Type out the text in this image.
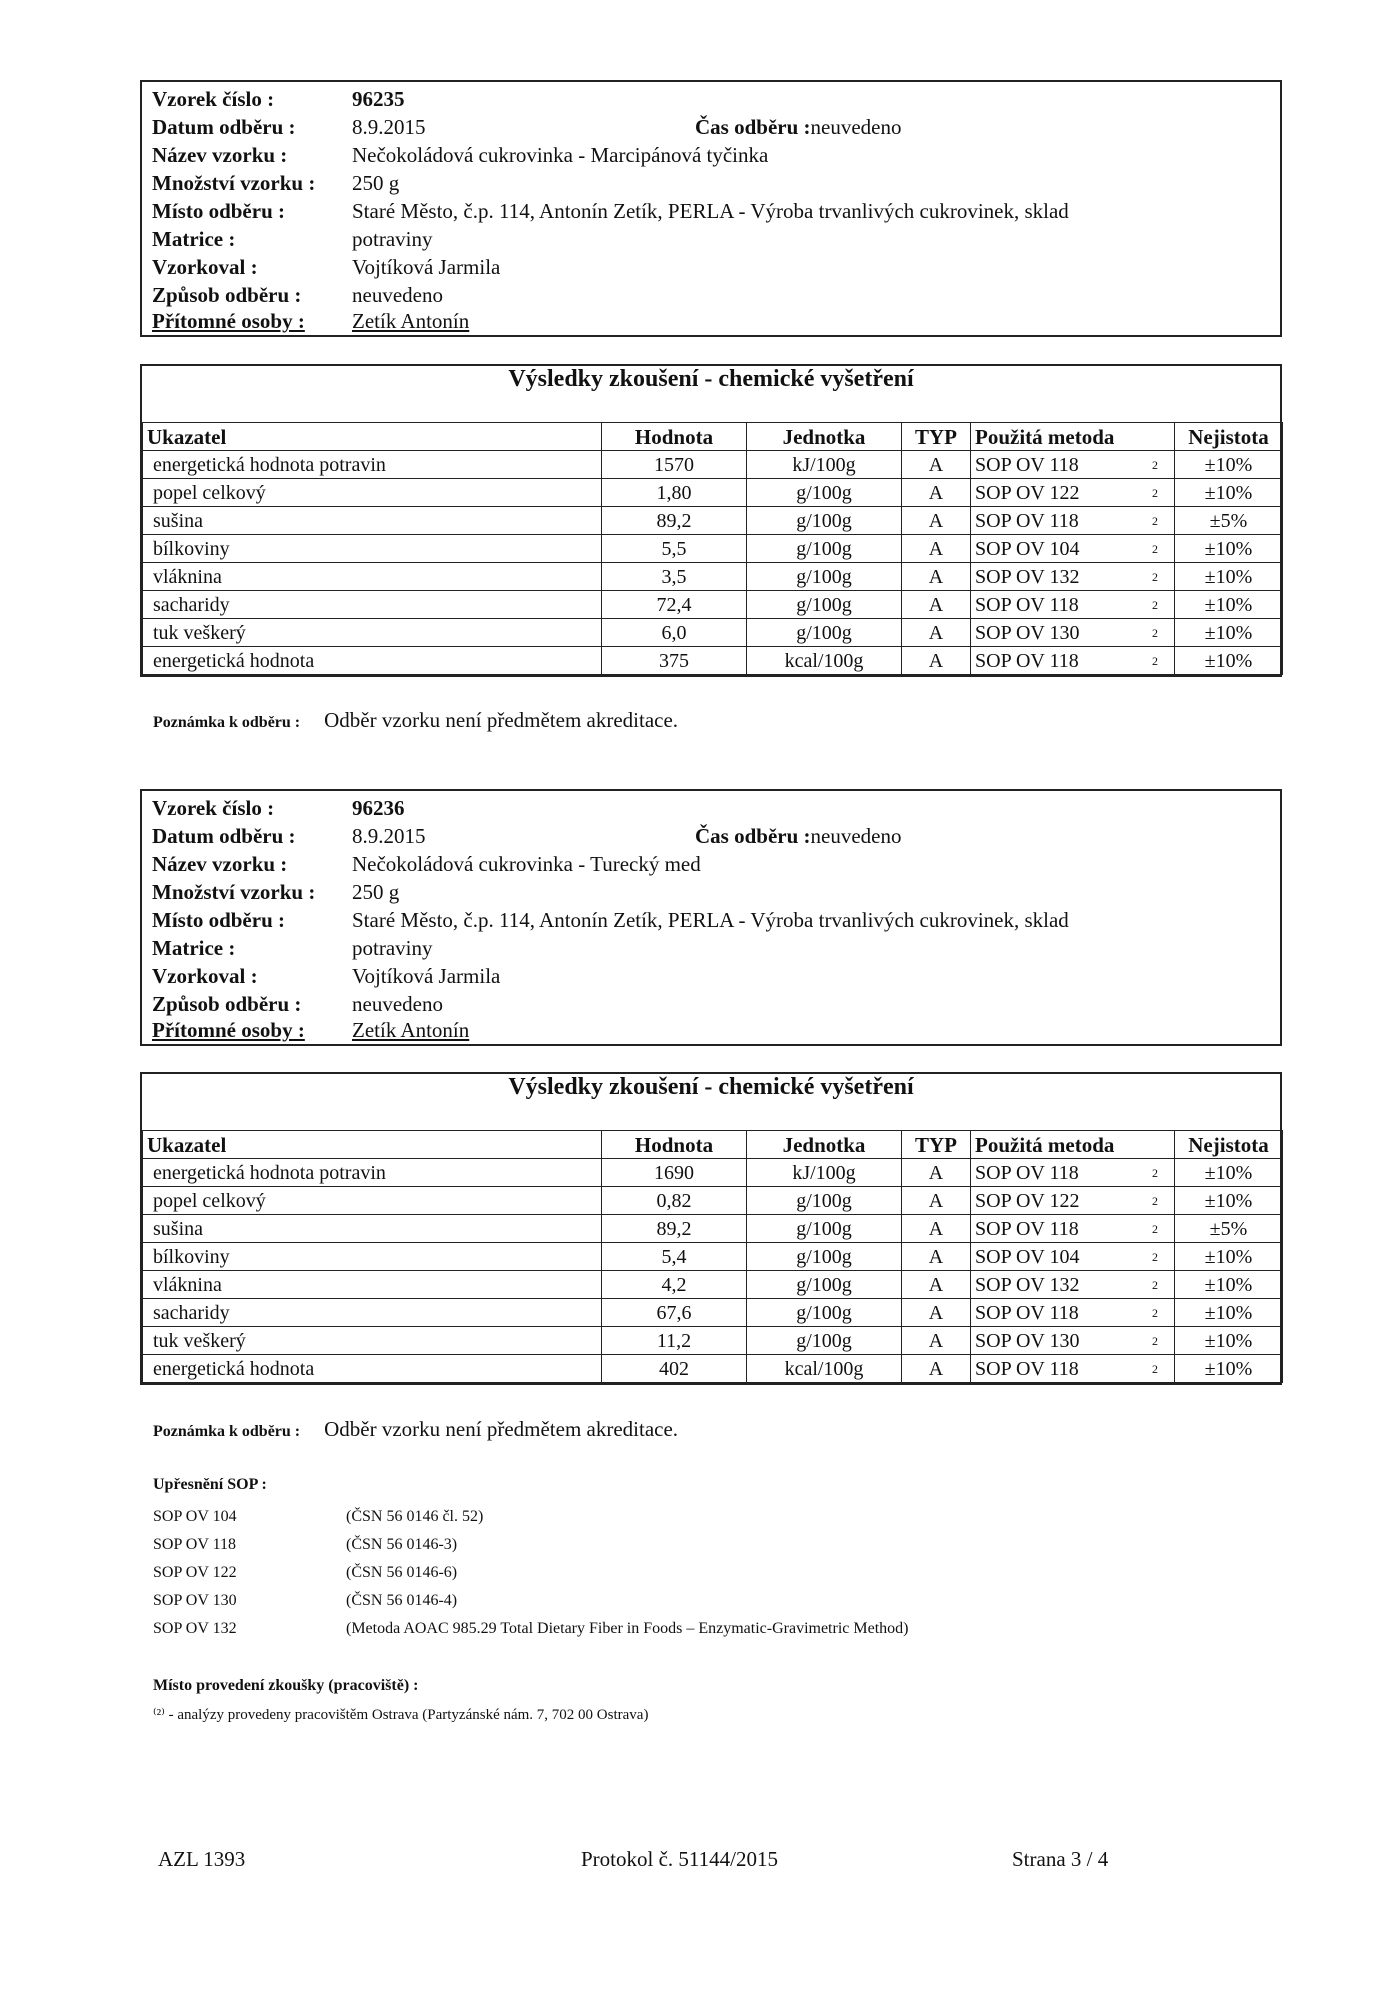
Vzorek číslo :	96235
Datum odběru :	8.9.2015	Čas odběru :neuvedeno
Název vzorku :	Nečokoládová cukrovinka - Marcipánová tyčinka
Množství vzorku : 250 g
Místo odběru :	Staré Město, č.p. 114, Antonín Zetík, PERLA - Výroba trvanlivých cukrovinek, sklad
Matrice :	potraviny
Vzorkoval :	Vojtíková Jarmila
Způsob odběru : neuvedeno
Přítomné osoby : Zetík Antonín
Výsledky zkoušení - chemické vyšetření
Ukazatel	Hodnota	Jednotka	TYP	Použitá metoda	Nejistota
energetická hodnota potravin	1570	kJ/100g	A	SOP OV 118 2	±10%
popel celkový	1,80	g/100g	A	SOP OV 122 2	±10%
sušina	89,2	g/100g	A	SOP OV 118 2	±5%
bílkoviny	5,5	g/100g	A	SOP OV 104 2	±10%
vláknina	3,5	g/100g	A	SOP OV 132 2	±10%
sacharidy	72,4	g/100g	A	SOP OV 118 2	±10%
tuk veškerý	6,0	g/100g	A	SOP OV 130 2	±10%
energetická hodnota	375	kcal/100g	A	SOP OV 118 2	±10%
Poznámka k odběru : Odběr vzorku není předmětem akreditace.
Vzorek číslo :	96236
Datum odběru :	8.9.2015	Čas odběru :neuvedeno
Název vzorku :	Nečokoládová cukrovinka - Turecký med
Množství vzorku : 250 g
Místo odběru :	Staré Město, č.p. 114, Antonín Zetík, PERLA - Výroba trvanlivých cukrovinek, sklad
Matrice :	potraviny
Vzorkoval :	Vojtíková Jarmila
Způsob odběru : neuvedeno
Přítomné osoby : Zetík Antonín
Výsledky zkoušení - chemické vyšetření
Ukazatel	Hodnota	Jednotka	TYP	Použitá metoda	Nejistota
energetická hodnota potravin	1690	kJ/100g	A	SOP OV 118 2	±10%
popel celkový	0,82	g/100g	A	SOP OV 122 2	±10%
sušina	89,2	g/100g	A	SOP OV 118 2	±5%
bílkoviny	5,4	g/100g	A	SOP OV 104 2	±10%
vláknina	4,2	g/100g	A	SOP OV 132 2	±10%
sacharidy	67,6	g/100g	A	SOP OV 118 2	±10%
tuk veškerý	11,2	g/100g	A	SOP OV 130 2	±10%
energetická hodnota	402	kcal/100g	A	SOP OV 118 2	±10%
Poznámka k odběru : Odběr vzorku není předmětem akreditace.
Upřesnění SOP :
SOP OV 104	(ČSN 56 0146 čl. 52)
SOP OV 118	(ČSN 56 0146-3)
SOP OV 122	(ČSN 56 0146-6)
SOP OV 130	(ČSN 56 0146-4)
SOP OV 132	(Metoda AOAC 985.29 Total Dietary Fiber in Foods – Enzymatic-Gravimetric Method)
Místo provedení zkoušky (pracoviště) :
⁽²⁾ - analýzy provedeny pracovištěm Ostrava (Partyzánské nám. 7, 702 00 Ostrava)
AZL 1393	Protokol č. 51144/2015	Strana 3 / 4
